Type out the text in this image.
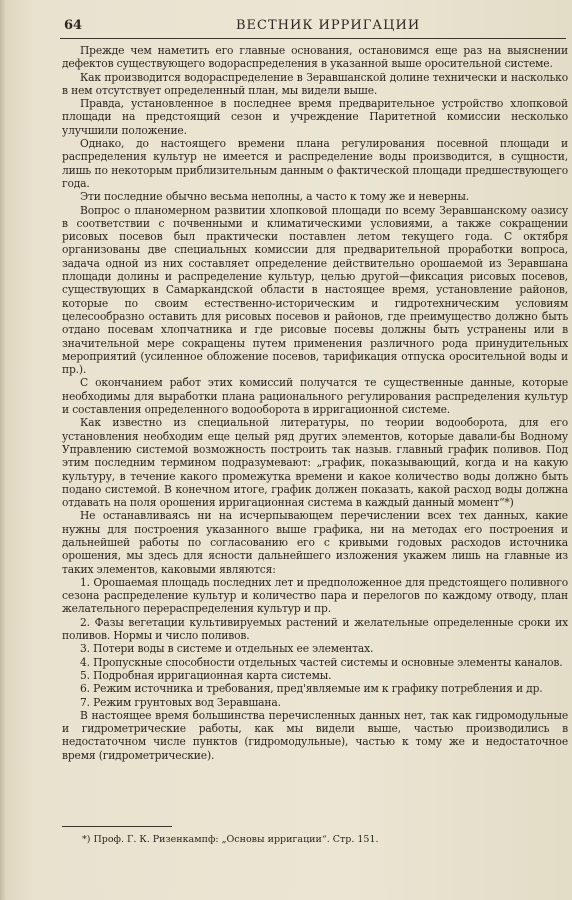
64	ВЕСТНИК ИРРИГАЦИИ

Прежде чем наметить его главные основания, остановимся еще раз на выяснении дефектов существующего водораспределения в указанной выше оросительной системе.

Как производится водораспределение в Зеравшанской долине технически и насколько в нем отсутствует определенный план, мы видели выше.

Правда, установленное в последнее время предварительное устройство хлопковой площади на предстоящий сезон и учреждение Паритетной комиссии несколько улучшили положение.

Однако, до настоящего времени плана регулирования посевной площади и распределения культур не имеется и распределение воды производится, в сущности, лишь по некоторым приблизительным данным о фактической площади предшествующего года.

Эти последние обычно весьма неполны, а часто к тому же и неверны.

Вопрос о планомерном развитии хлопковой площади по всему Зеравшанскому оазису в соответствии с почвенными и климатическими условиями, а также сокращении рисовых посевов был практически поставлен летом текущего года. С октября организованы две специальных комиссии для предварительной проработки вопроса, задача одной из них составляет определение действительно орошаемой из Зеравшана площади долины и распределение культур, целью другой—фиксация рисовых посевов, существующих в Самаркандской области в настоящее время, установление районов, которые по своим естественно-историческим и гидротехническим условиям целесообразно оставить для рисовых посевов и районов, где преимущество должно быть отдано посевам хлопчатника и где рисовые посевы должны быть устранены или в значительной мере сокращены путем применения различного рода принудительных мероприятий (усиленное обложение посевов, тарификация отпуска оросительной воды и пр.).

С окончанием работ этих комиссий получатся те существенные данные, которые необходимы для выработки плана рационального регулирования распределения культур и составления определенного водооборота в ирригационной системе.

Как известно из специальной литературы, по теории водооборота, для его установления необходим еще целый ряд других элементов, которые давали-бы Водному Управлению системой возможность построить так назыв. главный график поливов. Под этим последним термином подразумевают: „график, показывающий, когда и на какую культуру, в течение какого промежутка времени и какое количество воды должно быть подано системой. В конечном итоге, график должен показать, какой расход воды должна отдавать на поля орошения ирригационная система в каждый данный момент“*)

Не останавливаясь ни на исчерпывающем перечислении всех тех данных, какие нужны для построения указанного выше графика, ни на методах его построения и дальнейшей работы по согласованию его с кривыми годовых расходов источника орошения, мы здесь для ясности дальнейшего изложения укажем лишь на главные из таких элементов, каковыми являются:

1. Орошаемая площадь последних лет и предположенное для предстоящего поливного сезона распределение культур и количество пара и перелогов по каждому отводу, план желательного перераспределения культур и пр.

2. Фазы вегетации культивируемых растений и желательные определенные сроки их поливов. Нормы и число поливов.

3. Потери воды в системе и отдельных ее элементах.

4. Пропускные способности отдельных частей системы и основные элементы каналов.

5. Подробная ирригационная карта системы.

6. Режим источника и требования, пред'являемые им к графику потребления и др.

7. Режим грунтовых вод Зеравшана.

В настоящее время большинства перечисленных данных нет, так как гидромодульные и гидрометрические работы, как мы видели выше, частью производились в недостаточном числе пунктов (гидромодульные), частью к тому же и недостаточное время (гидрометрические).

*) Проф. Г. К. Ризенкампф: „Основы ирригации“. Стр. 151.
